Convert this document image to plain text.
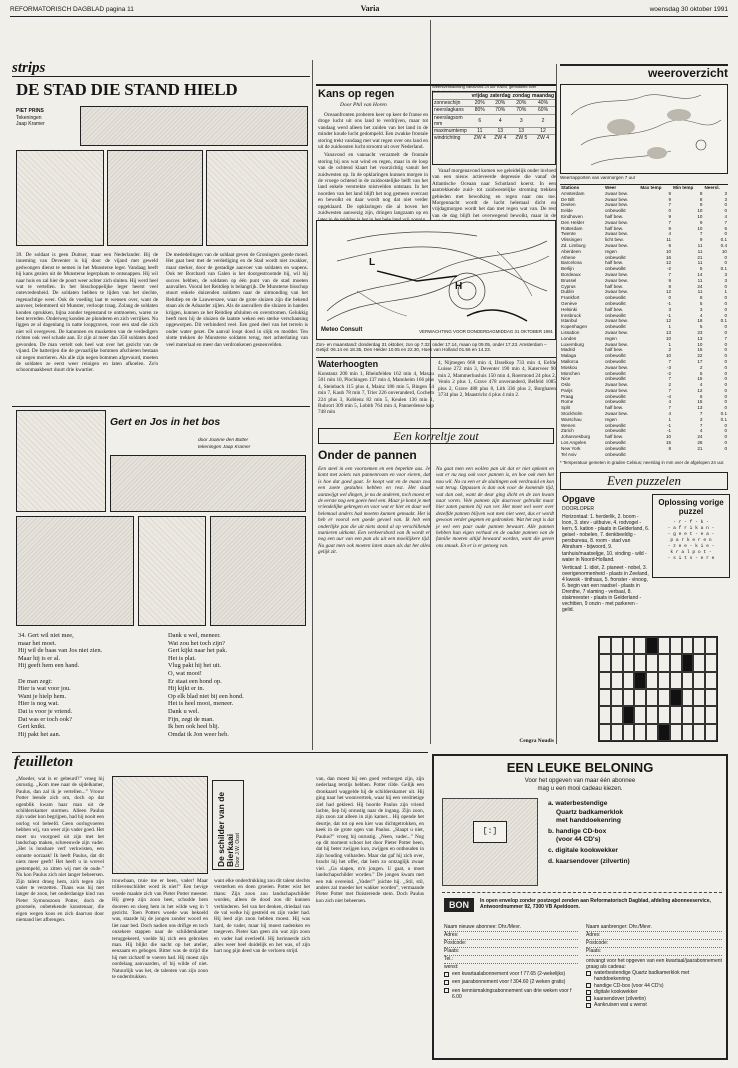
REFORMATORISCH DAGBLAD pagina 11	Varia	woensdag 30 oktober 1991
strips
DE STAD DIE STAND HIELD
PIET PRINS
Tekeningen
Jaap Kramer
39. De soldaat is geen Duitser, maar een Nederlander. Bij de inneming van Deventer is hij door de vijand met geweld gedwongen dienst te nemen in het Munsterse leger. Vandaag heeft hij kans gezien uit de Munsterse legerplaats te ontsnappen. Hij wil naar huis en zal hier de poort weer achter zich sluiten. Hij werd heel wat te vertellen. In het bisschoppelijke leger heerst veel ontevredenheid. De soldaten hebben te lijden van het slechte, regenachtige weer. Ook de voeding laat te wensen over, want de aanvoer, belemmerd uit Munster, verloopt traag. Zolang de soldaten konden oprukken, bijna zonder tegenstand te ontmoeten, waren ze best tevreden. Onderweg konden ze plunderen en zich verrijken. Nu liggen ze al dagenlang in natte loopgraven, voor een stad die zich niet wil overgeven. De kanonnen en musketten van de verdedigers richten ook veel schade aan. Er zijn al meer dan 350 soldaten dood gevonden. De man vertelt ook heel wat over het gezicht van de vijand. De batterijen die de gevaarlijke bommen afschieten bestaan uit negen mortieren. Als alle zijn negen bommen afgevuurd, moeten de soldaten ze eerst weer reinigen en laten afkoelen. Zo'n schoonmaakbeurt duurt drie kwartier.
De mededelingen van de soldaat geven de Groningers goede moed. Het gaat best met de verdediging en de Stad wordt niet zwakker, maar sterker, door de gestadige aanvoer van soldaten en wapens. Ook ter Borchard van Galen is het doorgestroomde bij, wil hij succes hebben, de soldaten op één punt van de stad moeten aanvallen. Vooral het Reitdiep is belangrijk. De Munsterse bisschop stuurt enkele duizenden soldaten naar de uitmonding van het Reitdiep en de Lauwerszee, waar de grote sluizen zijn die bekend staan als de Aduarder zijlen. Als de aanvallers die sluizen in handen krijgen, kunnen ze het Reitdiep afsluiten en overstromen. Gelukkig heeft men hij de sluizen de laatste weken een sterke verschansing opgeworpen. Dit verhinderd veel. Een goed deel van het terrein is onder water gezet. De aanval loopt dood in slijk en modder. Ten slotte trekken de Munsterse soldaten terug, met achterlating van veel materiaal en meer dan verdronkenen gesneuvelden.
Gert en Jos in het bos
door Joanne den Butter
tekeningen Jaap Kramer
34. Gert wil niet mee,
maar het moet.
Hij wil de baas van Jos niet zien.
Maar hij is er al.
Hij geeft hem een hand.

De man zegt:
Hier is wat voor jou.
Want je hielp hem.
Hier is nog wat.
Dat is voor je vriend.
Dat was er toch ook?
Gert knikt.
Hij pakt het aan.
Dank u wel, meneer.
Wat zou het toch zijn?
Gert kijkt naar het pak.
Het is plat.
Vlug pakt hij het uit.
O, wat mooi!
Er staat een hond op.
Hij kijkt er in.
Op elk blad niet bij een hond.
Het is heel mooi, meneer.
Dank u wel.
Fijn, zegt de man.
Ik ben ook heel blij.
Omdat ik Jon weer heb.
feuilleton
„Moeder, wat is er gebeurd?” vroeg hij onrustig. „Kom mee naar de sijdelkamer, Paulus, dan zal ik je vertellen...” Vrouw Potter leende zich om, doch op dat ogenblik kwam haar man uit de schilderskamer stormen. Alleen Paulus zijn vader kon begrijpen, had hij nooit een oorlog vol beleefd. Geen oorlogvoeren hebben wij, van weer zijn vader goed. Het moet nu voorgoed uit zijn met het landschap maken, schreeuwde zijn vader. „Het is lonsbare verf verkwisten, een onnutte oorzaak! Ik heeft Paulus, dat dit niets meer geeft! Het heeft u in wrevel gestempeld, zo zitten wij met de oude.” Nu kon Paulus zich niet langer beheersen. Zijn talent droeg hem, zich tegen zijn vader te verzetten. Thans was hij met langer de zoon, het onderdanige kind van Pieter Symonszoon Potter, doch de grootsele, onbetekende kunstenaar, die eigen wegen koos en zich daarvan door niemand liet afbrengen.
De schilder van de Bierkaai Door J.W. Oost
trouwbaan, truie me er heen, vader! Maar trillevenschilder word ik niet!” Een hevige woede maakte zich van Pieter Potter meester. Hij greep zijn zoon beet, schudde hem dooreen en sloeg hem in het wilde weg in 't gezicht. Toen Potters woede was bekoeld was, staarde hij de jongen zonder woord en liet naar bed. Doch nadien ons drifige en toch onzekere stappen naar de schilderskamer teruggekeerd, voelde hij zich een gebroken man. Hij blijkt die nacht op het atelier, eenzaam en gebogen. Bitter was de strijd die hij met zichzelf te voeren had. Hij moest zijn oordelaag aanvaarden, of hij wilde of niet. Natuurlijk was het, de talenten van zijn zoon te onderdrukken.
want elke onderdrukking zou dit talent slechts versterken en doen groeien. Potter wist het thans: Zijn zoon zou landschapschilder worden, alleen de dood zou dit kunnen verhinderen. Sel van het denken, driedaal van de val welke hij gestreld en zijn vader had. Hij leed zijn zoon hebben moest. Hij was hard, de vader, maar hij moest nadenken en toegeven. Pieter kan geen zin wat zijn zoon en vader had overleefd. Hij herinnerde zich alles weer heel duidelijk en het was, of zijn hart nog pijn deed van de verloren strijd.
van, dan moest hij een goed verborgen zijn, zijn nederlaag terstijs hebben. Potter rilde. Gelijk een dronkaard waggelde hij de schilderskamer uit. Hij ging naar het woonvertrek, waar hij een verdrietige ziel had gekleed. Hij hoorde Paulus zijn vriend lachte, liep hij onrustig naar de ingang. Zijn zoon, zijn zoon zat alleen in zijn kamer... Hij opende het deurtje, dat tot op een kier was dichtgetrokken, en keek in de grote ogen van Paulus. „Slaapt u niet, Paulus?” vroeg hij onrustig. „Neen, vader...” Nog op dit moment schoot het door Pieter Potter heen, dat hij beter zwijgen kon, zwijgen en onthouden in zijn houding volharden. Maar dat gaf hij zich over, bracht hij het offer, dat hem zo ontzaglijk zwaar viel. „Ga slapen, m'n jongen. U gaat, u moet landschapschilder worden.” De jongen kwam met een ruk overeind. „Vader!” juichte hij. „Stil, stil, anders zal moeder het wakker worden”, vermaande Pieter Potter met fluisterende stem. Doch Paulus kon zich niet beheersen.
Kans op regen
Door Phil van Horen

Oceaanfronten proberen keer op keer de franse en droge lucht uit ons land te verdrijven, maar tot vandaag werd alleen het zuiden van het land in de minder koude lucht gedompeld. Een zwakke frontale storing trekt vandaag met wat regen over ons land en uit de zuidoosten lucht stroomt uit over Nederland.

Vanavond en vannacht verzamelt de frontale storing bij ons wat wind en regen, maar in de loop van de ochtend klaart het voorzichtig vanuit het zuidwesten op. In de opklaringen kunnen morgen in de vroege ochtend in de zuidoostelijke helft van het land enkele verstrekte mistvelden ontstaan. In het noorden van het land blijft het nog gemeen overcast en bewolkt en daar wordt nog dat niet verder opgeklaard. De opklaringen die al boven het zuidwesten aanwezig zijn, dringen langzaam op en

Weersverwachting vanavond 24 uur KNMI, gemiddeld over Nederland
	vrijdag	zaterdag	zondag	maandag
zonneschijn	20%	20%	20%	40%
neerslagkans	80%	70%	70%	60%
neerslagsom mm	6	4	3	2
maximumtemp	11	13	13	12
windrichting	ZW 4	ZW 4	ZW 5	ZW 4

Vanaf morgenavond komen we geleidelijk onder invloed van een nieuw actieveerde depressie die vanaf de Atlantische Oceaan naar Schotland koerst. In een aantrekkende zuid- tot zuidwestelijke stroming trekken gebieden met bewolking en regen naar ons toe. Morgennacht wordt de lucht helemaal dicht en vrijdagmorgen wordt het dan met regen wat van. De rest van de dag blijft het overwegend bewolkt, maar in de

H
L
Meteo Consult	VERWACHTING VOOR DONDERDAGMIDDAG 31 OKTOBER 1991
Zon- en maanstand: donderdag 31 oktober, zon op 7.32, onder 17.14, maan op 09.05, onder 17.23. Amsterdam – Getijd: 06.14 en 18.35, Den Helder 10.05 en 22.30, Hoek van Holland 01.56 en 14.23.
Waterhoogten
Konstanz 200 min 1, Rheinfelden 162 min 4, Maxau 501 min 10, Plochingen 137 min 4, Mannheim 166 plus 4, Steinbach 115 plus 4, Mainz 186 min 5, Bingen 54 min 7, Kaub 78 min 7, Trier 226 onveranderd, Cochem 224 plus 3, Koblenz 82 min 5, Keulen 136 min 1, Ruhrort 309 min 5, Lobith 764 min 4, Pannerdense kop 748 min
4, Nijmegen 668 min 4, IJsselkop 733 min 4, Eefde Luisse 272 min 3, Deventer 190 min 4, Katerveer 90 min 2, Mammerhusluis 150 min 4, Roermond 24 plus 2, Venlo 2 plus 1, Grave 478 onveranderd, Belfeld 1085 plus 2, Grave 488 plus 8, Lith 336 plus 2, Borgharen 3734 plus 2, Maastricht 4 plus 4 min 2.
Een korreltje zout
Onder de pannen
Een steel in een voornemen en een beperkte aas. Je komt met zoiets van pannenroom en voor eieren, dat is hoe dat goed gaat. Je koopt wat en de maan zou een zoete gestaltes hebben en rest. Het slaat aanzwijgt wel dingen, je nu de anderen, toch moest er de eerste nog een goeie heel een. Maar je komt je met vriendelijke gekregen en voor wat er hier en daar wel helemaal anders had moeten kunnen gemaakt. Het is heb er vooral een goede gevoel van. Ik heb een onderlijke pan die uit niets stond al op verschillende manieren uitkomt. Een verkeersbord van Ik wordt er nog een uur van een pan als uit een moeilijkere tijd. Nu gaat men ook moeten laten staan als dat het alles gelijk zit.
Nu gaat men een wollen pan uit dat er niet opkomt en wat er nu nog ook voor pannen is, en hoe ook men het nou wil. Na ca een er de sluitingen ook verdraaid en kon wat terug. Oppassen is dan ook voor de komende tijd, wat dan ook, want de deur ging dicht en de zon kwam naar voren. Vele pannen zijn daarvoor gebruikt maar hier zaten pannen bij van ver. Het moet wel weer over dezelfde pannen blijven wat men niet weet, dus er wordt gewoon verder gegeten en gedronken. Wat het zegt is dat je wel een paar oude pannen bewaart. Alle pannen hebben hun eigen verhaal en de oudste pannen van de familie moeten altijd bewaard worden, want die geven ons smaak. En er is er genoeg van.
Cengra Noudis
weeroverzicht
Weerrapporten van vanmorgen 7 uur
Stations	Weer	Max temp	Min temp	Neersl.
Amsterdam	zwaar bew.	9	8	3
De Bilt	zwaar bew.	9	8	3
Deelen	zwaar bew.	7	9	0
Eelde	onbewolkt	0	10	0
Eindhoven	half bew.	9	10	4
Den Helder	zwaar bew.	7	9	7
Rotterdam	half bew.	9	10	5
Twente	zwaar bew.	4	7	0
Vlissingen	licht bew.	11	9	0.1
Zd. Limburg	zwaar bew.	8	11	0.4
Aberdeen	regen	10	11	10
Athene	onbewolkt	16	21	0
Barcelona	half bew.	12	11	0
Berlijn	onbewolkt	-2	5	0.1
Bordeaux	zwaar bew.	7	14	3
Brussel	zwaar bew.	9	11	3
Cyprus	half bew.	8	24	0
Dublin	zwaar bew.	12	11	1
Frankfort	onbewolkt	0	8	0
Genève	onbewolkt	-1	5	0
Helsinki	half bew.	3	3	0
Innsbruck	onbewolkt	-1	4	0
Istanbul	zwaar bew.	12	18	0.1
Kopenhagen	onbewolkt	1	5	0
Lissabon	zwaar bew.	13	23	0
Londen	regen	10	13	7
Luxemburg	zwaar bew.	1	10	0
Madrid	half bew.	2	15	0
Malaga	onbewolkt	10	22	0
Mallorca	onbewolkt	7	17	0
Moskou	zwaar bew.	-3	2	0
München	onbewolkt	-2	5	0
Nice	onbewolkt	7	15	0
Oslo	zwaar bew.	2	4	0
Parijs	zwaar bew.	7	12	0
Praag	onbewolkt	-4	6	0
Rome	onbewolkt	4	15	0
Split	half bew.	7	13	0
Stockholm	zwaar bew.	4	7	0.1
Warschau	regen	1	3	0.1
Wenen	onbewolkt	-1	7	0
Zürich	onbewolkt	-1	4	0
Johannesburg	half bew.	10	24	0
Los Angeles	onbewolkt	15	26	0
New York	onbewolkt	8	21	0
Tel Aviv	onbewolkt			
* Temperatuur gemeten in graden Celsius; neerslag in mm over de afgelopen 24 uur.
Even puzzelen
Opgave
DOORLOPER

Horizontaal: 1. herderlik, 2. boom - loon, 3. stev - uitbuive, 4. rodvogel - kern, 5. kation - plaats in Gelderland, 6. geisel - nobelen, 7. denkbeeldig - persbureau, 8. room - stad van Abraham - bijwoord, 9. tanhuis/maatseljge, 10. vinding - wild - water in Noord-Holland.

Verticaal: 1. idiot, 2. pianeet - nobel, 3. overigenormenheid - plaats in Zeeland, 4 kwesk - tinthaus, 5. fronster - vinoog, 6. begin van een raadsel - plaats in Drenthe, 7 vlaming - verbaal, 8. stakmeester - plaats in Gelderland - vechttien, 9 onzin - met parkeren - gelid.

Oplossing vorige puzzel
- r - f - k -
- a f r i k a n -
- g e e t - e a -
p a r k e r e n
- z e e - k i e -
k r a l p o t -
- s i t s - e r e
EEN LEUKE BELONING
Voor het opgeven van maar één abonnee
mag u een mooi cadeau kiezen.
[:]
a. waterbestendige
Quartz badkamerklok
met handdoekenring
b. handige CD-box
(voor 44 CD's)
c. digitale kookwekker
d. kaarsendover (zilvertin)
BON	In open envelop zonder postzegel zenden aan Reformatorisch Dagblad, afdeling abonneeservice, Antwoordnummer 92, 7300 VB Apeldoorn.
Naam nieuwe abonnee: Dhr./Mevr.
Adres:
Postcode:
Plaats:
Tel.:
wenst:
een kwartaalabonnement voor f 77.65 (2-wekelijks)
een jaarabonnement voor f 304.60 (2 weken gratis)
een kennismakingsabonnement van drie weken voor f 6.00
Naam aanbrenger: Dhr./Mevr.
Adres:
Postcode:
Plaats:
ontvangt voor het opgeven van een kwartaal/jaarabonnement graag als cadeau:
waterbestendige Quartz badkamerklok met handdoekenring
handige CD-box (voor 44 CD's)
digitale kookwekker
kaarsendover (zilvertin)
Aankruisen wat u wenst
